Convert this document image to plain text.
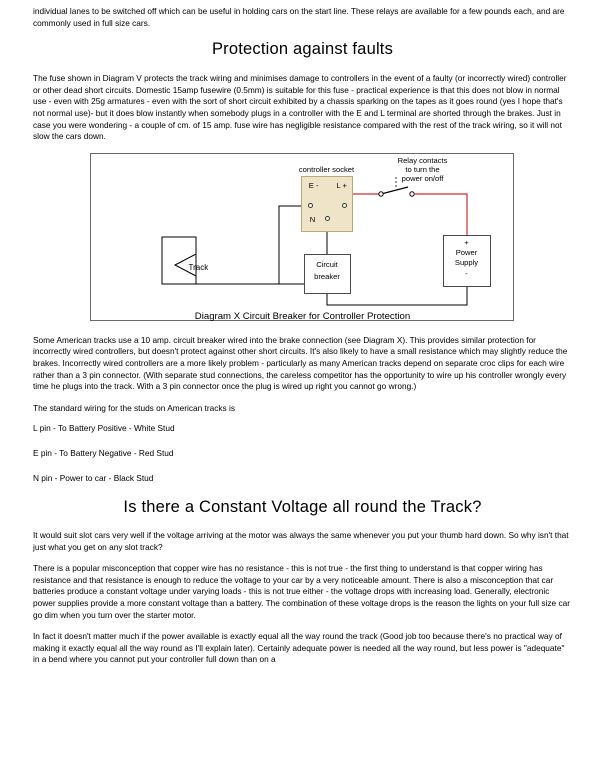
individual lanes to be switched off which can be useful in holding cars on the start line. These relays are available for a few pounds each, and are commonly used in full size cars.

Protection against faults

The fuse shown in Diagram V protects the track wiring and minimises damage to controllers in the event of a faulty (or incorrectly wired) controller or other dead short circuits. Domestic 15amp fusewire (0.5mm) is suitable for this fuse - practical experience is that this does not blow in normal use - even with 25g armatures - even with the sort of short circuit exhibited by a chassis sparking on the tapes as it goes round (yes I hope that's not normal use)- but it does blow instantly when somebody plugs in a controller with the E and L terminal are shorted through the brakes. Just in case you were wondering - a couple of cm. of 15 amp. fuse wire has negligible resistance compared with the rest of the track wiring, so it will not slow the cars down.

controller socket
Relay contacts
to turn the
power on/off
E - L +
N
Track	Circuit
breaker
+
Power
Supply
-
Diagram X Circuit Breaker for Controller Protection

Some American tracks use a 10 amp. circuit breaker wired into the brake connection (see Diagram X). This provides similar protection for incorrectly wired controllers, but doesn't protect against other short circuits. It's also likely to have a small resistance which may slightly reduce the brakes. Incorrectly wired controllers are a more likely problem - particularly as many American tracks depend on separate croc clips for each wire rather than a 3 pin connector. (With separate stud connections, the careless competitor has the opportunity to wire up his controller wrongly every time he plugs into the track. With a 3 pin connector once the plug is wired up right you cannot go wrong.)

The standard wiring for the studs on American tracks is

L pin - To Battery Positive - White Stud
E pin - To Battery Negative - Red Stud
N pin - Power to car - Black Stud
Is there a Constant Voltage all round the Track?

It would suit slot cars very well if the voltage arriving at the motor was always the same whenever you put your thumb hard down. So why isn't that just what you get on any slot track?

There is a popular misconception that copper wire has no resistance - this is not true - the first thing to understand is that copper wiring has resistance and that resistance is enough to reduce the voltage to your car by a very noticeable amount. There is also a misconception that car batteries produce a constant voltage under varying loads - this is not true either - the voltage drops with increasing load. Generally, electronic power supplies provide a more constant voltage than a battery. The combination of these voltage drops is the reason the lights on your full size car go dim when you turn over the starter motor.

In fact it doesn't matter much if the power available is exactly equal all the way round the track (Good job too because there's no practical way of making it exactly equal all the way round as I'll explain later). Certainly adequate power is needed all the way round, but less power is "adequate" in a bend where you cannot put your controller full down than on a
